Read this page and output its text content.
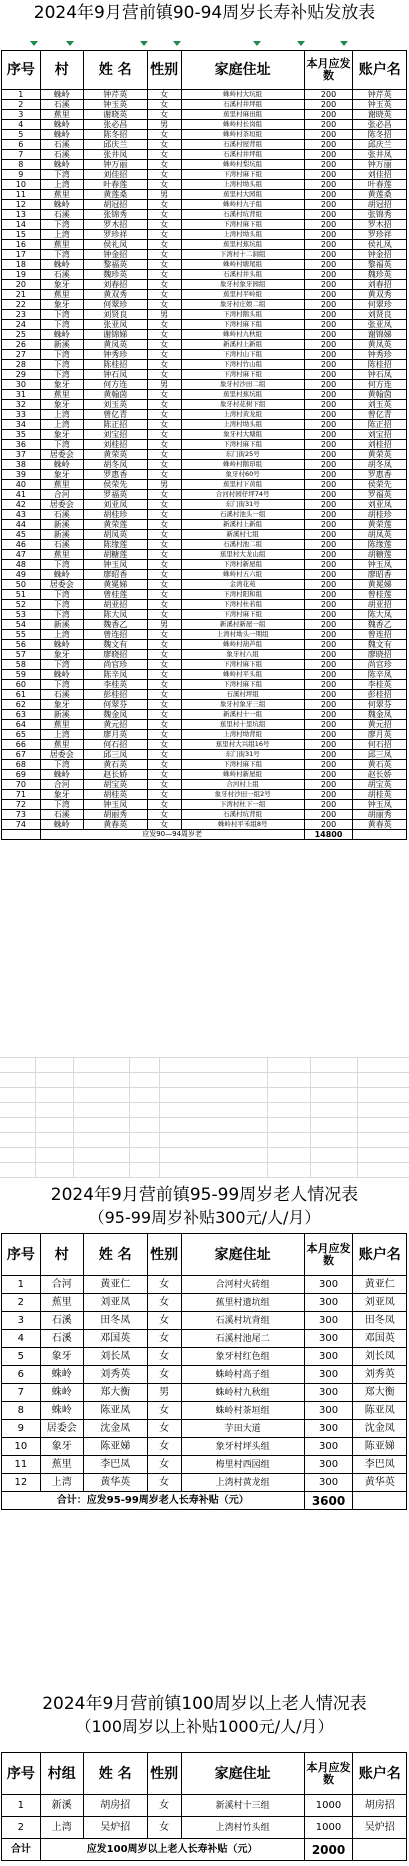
2024年9月营前镇90-94周岁长寿补贴发放表
序号	村	姓 名	性别	家庭住址	本月应发数	账户名
1	蛛岭	钟芹英	女	蛛岭村大坑组	200	钟芹英
2	石溪	钟玉英	女	石溪村井坪组	200	钟玉英
3	蕉里	谢晓英	女	蕉里村麻田组	200	谢晓英
4	蛛岭	张必昌	男	蛛岭村长岗组	200	张必昌
5	蛛岭	陈冬招	女	蛛岭村茶垣组	200	陈冬招
6	石溪	邱庆兰	女	石溪村屋背组	200	邱庆兰
7	石溪	张井凤	女	石溪村井坪组	200	张井凤
8	蛛岭	钟万丽	女	蛛岭村梨坑组	200	钟万丽
9	下湾	刘佳招	女	下湾村麻下组	200	刘佳招
10	上湾	叶春莲	女	上湾村坳头组	200	叶春莲
11	蕉里	黄莲桑	男	蕉里村大园组	200	黄莲桑
12	蛛岭	胡冠招	女	蛛岭村九子组	200	胡冠招
13	石溪	张锦秀	女	石溪村坑背组	200	张锦秀
14	下湾	罗木招	女	下湾村麻下组	200	罗木招
15	上湾	罗珍祥	女	上湾村坳头组	200	罗珍祥
16	蕉里	侯礼凤	女	蕉里村蕉坑组	200	侯礼凤
17	下湾	钟金招	女	下湾村十二洞组	200	钟金招
18	蛛岭	黎福英	女	蛛岭村塘尾组	200	黎福英
19	石溪	魏珍英	女	石溪村井头组	200	魏珍英
20	象牙	刘春招	女	象牙村象牙园组	200	刘春招
21	蕉里	黄双秀	女	蕉里村平岭组	200	黄双秀
22	象牙	何翠珍	女	象牙村庄娘二组	200	何翠珍
23	下湾	刘贤良	男	下湾村鹅头组	200	刘贤良
24	下湾	张亚凤	女	下湾村麻下组	200	张亚凤
25	蛛岭	谢锦娣	女	蛛岭村九秋组	200	谢锦娣
26	新溪	黄凤英	女	新溪村上新组	200	黄凤英
27	下湾	钟秀珍	女	下湾村山下组	200	钟秀珍
28	下湾	陈桂招	女	下湾村竹山组	200	陈桂招
29	下湾	钟石凤	女	下湾村麻下组	200	钟石凤
30	象牙	何方连	男	象牙村沙田二组	200	何方连
31	蕉里	黄翰茵	女	蕉里村蕉坑组	200	黄翰茵
32	象牙	刘玉英	女	象牙村花树下组	200	刘玉英
33	上湾	曾亿青	女	上湾村黄龙组	200	曾亿青
34	上湾	陈正招	女	上湾村坳头组	200	陈正招
35	象牙	刘宝招	女	象牙村大塘组	200	刘宝招
36	下湾	刘桂招	女	下湾村麻下组	200	刘桂招
37	居委会	黄荣英	女	东门街25号	200	黄荣英
38	蛛岭	胡冬凤	女	蛛岭村鹅昂组	200	胡冬凤
39	象牙	罗惠香	女	象牙村60号	200	罗惠香
40	蕉里	侯荣先	男	蕉里村下黄组	200	侯荣先
41	合河	罗福英	女	合河村园仔坪74号	200	罗福英
42	居委会	刘亚凤	女	东门街31号	200	刘亚凤
43	石溪	胡桂珍	女	石溪村池头一组	200	胡桂珍
44	新溪	黄荣莲	女	新溪村上新组	200	黄荣莲
45	新溪	胡凤英	女	新溪村七组	200	胡凤英
46	石溪	陈缘莲	女	石溪村池二组	200	陈缘莲
47	蕉里	胡糖莲	女	蕉里村大龙山组	200	胡糖莲
48	下湾	钟玉凤	女	下湾村新屋组	200	钟玉凤
49	蛛岭	廖昭香	女	蛛岭村五六组	200	廖昭香
50	居委会	黄冕娣	女	金湾花苑	200	黄冕娣
51	下湾	曾桂莲	女	下湾村阳和组	200	曾桂莲
52	下湾	胡亚招	女	下湾村杜若组	200	胡亚招
53	下湾	陈大凤	女	下湾村麻下组	200	陈大凤
54	新溪	魏香乙	男	新溪村新屋一组	200	魏香乙
55	上湾	曾连招	女	上湾村坳头一期组	200	曾连招
56	蛛岭	魏文有	女	蛛岭村葫芦组	200	魏文有
57	象牙	廖晓招	女	象牙村八组	200	廖晓招
58	下湾	尚官珍	女	下湾村麻下组	200	尚官珍
59	蛛岭	陈辛凤	女	蛛岭村平头组	200	陈辛凤
60	下湾	李桂英	女	下湾村麻下组	200	李桂英
61	石溪	彭桂招	女	石溪村坪组	200	彭桂招
62	象牙	何翠芬	女	象牙村象牙三组	200	何翠芬
63	新溪	魏金凤	女	新溪村十一组	200	魏金凤
64	蕉里	黄元招	女	蕉里村十里坑组	200	黄元招
65	上湾	廖月英	女	上湾村坳背组	200	廖月英
66	蕉里	何石招	女	蕉里村大兴组16号	200	何石招
67	居委会	邱三凤	女	东门街31号	200	邱三凤
68	下湾	黄石英	女	下湾村麻下组	200	黄石英
69	蛛岭	赵长娇	女	蛛岭村新屋组	200	赵长娇
70	合河	胡宝英	女	合河村上组	200	胡宝英
71	象牙	胡桂英	女	象牙村沙田一组2号	200	胡桂英
72	下湾	钟玉凤	女	下湾村杜下一组	200	钟玉凤
73	石溪	胡丽秀	女	石溪村坑背组	200	胡丽秀
74	蛛岭	黄春英	女	蛛岭村平禾组8号	200	黄春英
	应发90—94周岁老				14800	
2024年9月营前镇95-99周岁老人情况表
（95-99周岁补贴300元/人/月）
序号	村	姓 名	性别	家庭住址	本月应发数	账户名
1	合河	黄亚仁	女	合河村火砖组	300	黄亚仁
2	蕉里	刘亚凤	女	蕉里村遗坑组	300	刘亚凤
3	石溪	田冬凤	女	石溪村坑背组	300	田冬凤
4	石溪	邓国英	女	石溪村池尾二	300	邓国英
5	象牙	刘长凤	女	象牙村红色组	300	刘长凤
6	蛛岭	刘秀英	女	蛛岭村高子组	300	刘秀英
7	蛛岭	郑大衡	男	蛛岭村九秋组	300	郑大衡
8	蛛岭	陈亚凤	女	蛛岭村茶垣组	300	陈亚凤
9	居委会	沈金凤	女	芋田大道	300	沈金凤
10	象牙	陈亚娣	女	象牙村坪头组	300	陈亚娣
11	蕉里	李巴凤	女	梅里村西园组	300	李巴凤
12	上湾	黄华英	女	上湾村黄龙组	300	黄华英
合计：应发95-99周岁老人长寿补贴（元）					3600	
2024年9月营前镇100周岁以上老人情况表
（100周岁以上补贴1000元/人/月）
序号	村组	姓 名	性别	家庭住址	本月应发数	账户名
1	新溪	胡房招	女	新溪村十三组	1000	胡房招
2	上湾	吴炉招	女	上湾村竹头组	1000	吴炉招
合计	应发100周岁以上老人长寿补贴（元）				2000	
